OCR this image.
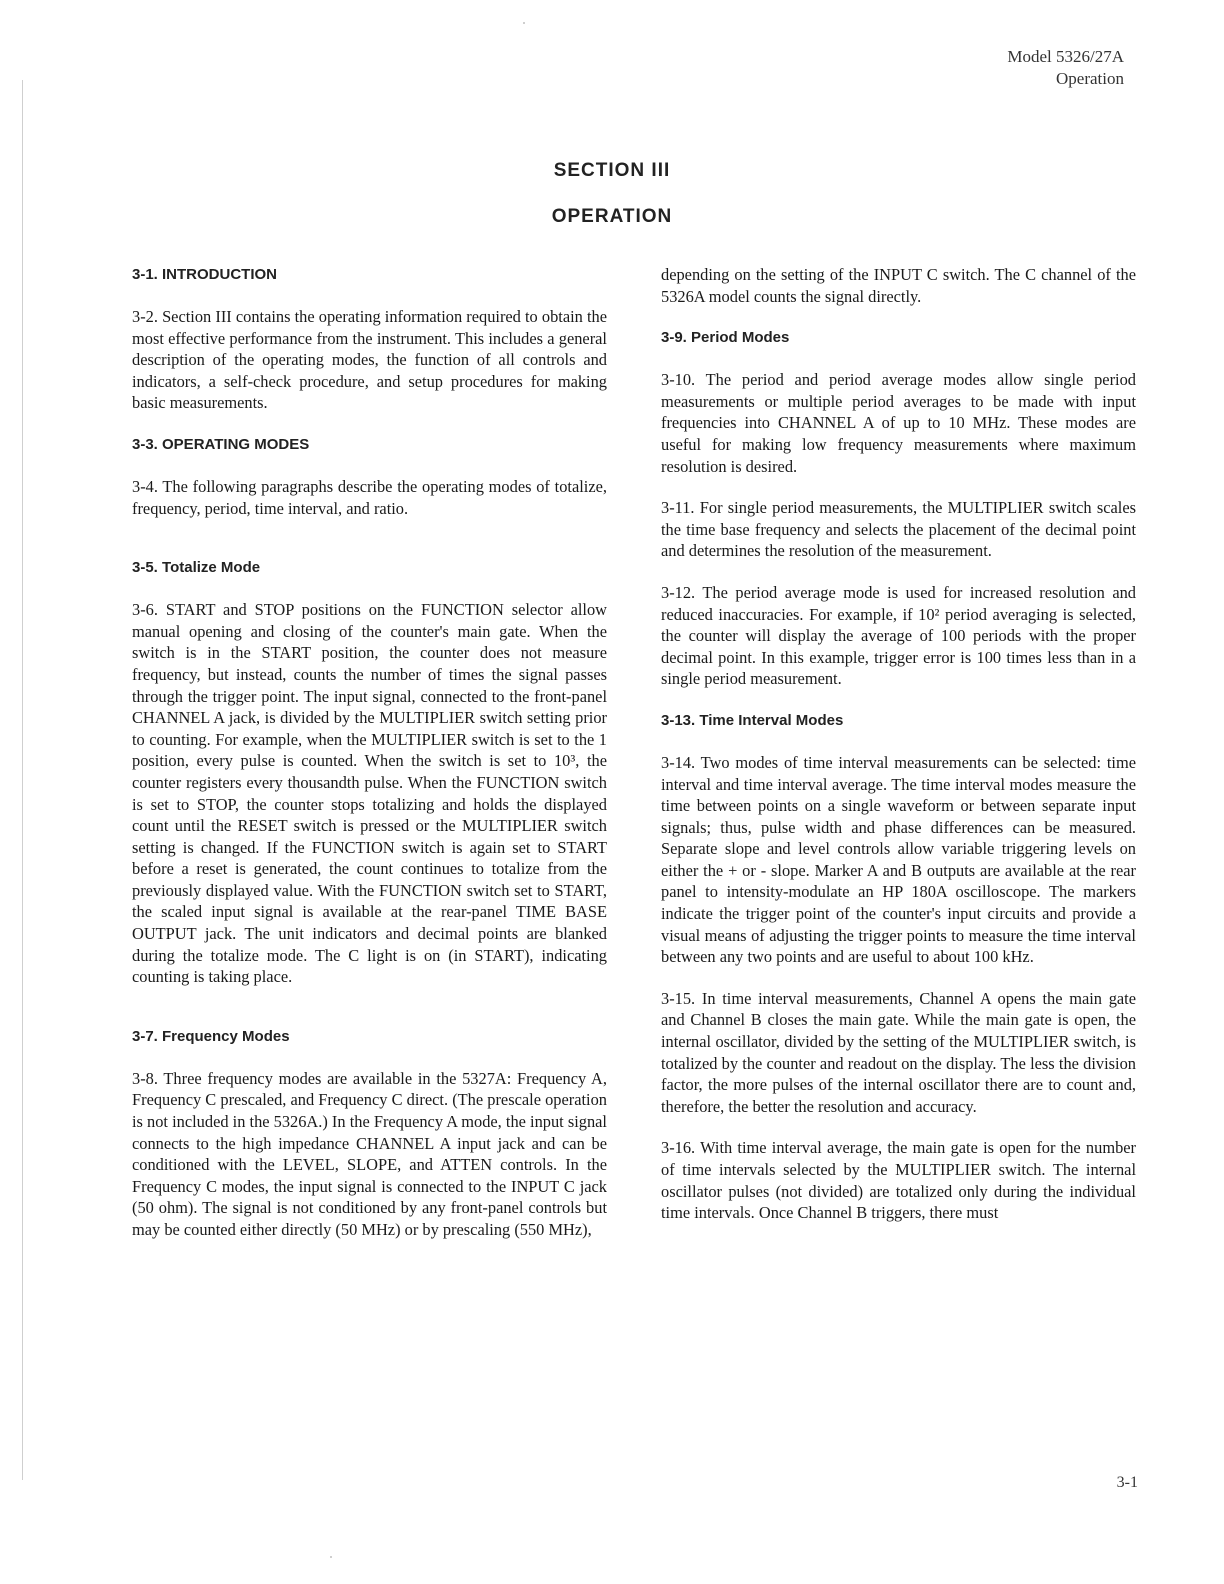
Model 5326/27A
Operation
SECTION III
OPERATION
3-1. INTRODUCTION
3-2. Section III contains the operating information required to obtain the most effective performance from the instrument. This includes a general description of the operating modes, the function of all controls and indicators, a self-check procedure, and setup procedures for making basic measurements.
3-3. OPERATING MODES
3-4. The following paragraphs describe the operating modes of totalize, frequency, period, time interval, and ratio.
3-5. Totalize Mode
3-6. START and STOP positions on the FUNCTION selector allow manual opening and closing of the counter's main gate. When the switch is in the START position, the counter does not measure frequency, but instead, counts the number of times the signal passes through the trigger point. The input signal, connected to the front-panel CHANNEL A jack, is divided by the MULTIPLIER switch setting prior to counting. For example, when the MULTIPLIER switch is set to the 1 position, every pulse is counted. When the switch is set to 10³, the counter registers every thousandth pulse. When the FUNCTION switch is set to STOP, the counter stops totalizing and holds the displayed count until the RESET switch is pressed or the MULTIPLIER switch setting is changed. If the FUNCTION switch is again set to START before a reset is generated, the count continues to totalize from the previously displayed value. With the FUNCTION switch set to START, the scaled input signal is available at the rear-panel TIME BASE OUTPUT jack. The unit indicators and decimal points are blanked during the totalize mode. The C light is on (in START), indicating counting is taking place.
3-7. Frequency Modes
3-8. Three frequency modes are available in the 5327A: Frequency A, Frequency C prescaled, and Frequency C direct. (The prescale operation is not included in the 5326A.) In the Frequency A mode, the input signal connects to the high impedance CHANNEL A input jack and can be conditioned with the LEVEL, SLOPE, and ATTEN controls. In the Frequency C modes, the input signal is connected to the INPUT C jack (50 ohm). The signal is not conditioned by any front-panel controls but may be counted either directly (50 MHz) or by prescaling (550 MHz),
depending on the setting of the INPUT C switch. The C channel of the 5326A model counts the signal directly.
3-9. Period Modes
3-10. The period and period average modes allow single period measurements or multiple period averages to be made with input frequencies into CHANNEL A of up to 10 MHz. These modes are useful for making low frequency measurements where maximum resolution is desired.
3-11. For single period measurements, the MULTIPLIER switch scales the time base frequency and selects the placement of the decimal point and determines the resolution of the measurement.
3-12. The period average mode is used for increased resolution and reduced inaccuracies. For example, if 10² period averaging is selected, the counter will display the average of 100 periods with the proper decimal point. In this example, trigger error is 100 times less than in a single period measurement.
3-13. Time Interval Modes
3-14. Two modes of time interval measurements can be selected: time interval and time interval average. The time interval modes measure the time between points on a single waveform or between separate input signals; thus, pulse width and phase differences can be measured. Separate slope and level controls allow variable triggering levels on either the + or - slope. Marker A and B outputs are available at the rear panel to intensity-modulate an HP 180A oscilloscope. The markers indicate the trigger point of the counter's input circuits and provide a visual means of adjusting the trigger points to measure the time interval between any two points and are useful to about 100 kHz.
3-15. In time interval measurements, Channel A opens the main gate and Channel B closes the main gate. While the main gate is open, the internal oscillator, divided by the setting of the MULTIPLIER switch, is totalized by the counter and readout on the display. The less the division factor, the more pulses of the internal oscillator there are to count and, therefore, the better the resolution and accuracy.
3-16. With time interval average, the main gate is open for the number of time intervals selected by the MULTIPLIER switch. The internal oscillator pulses (not divided) are totalized only during the individual time intervals. Once Channel B triggers, there must
3-1
